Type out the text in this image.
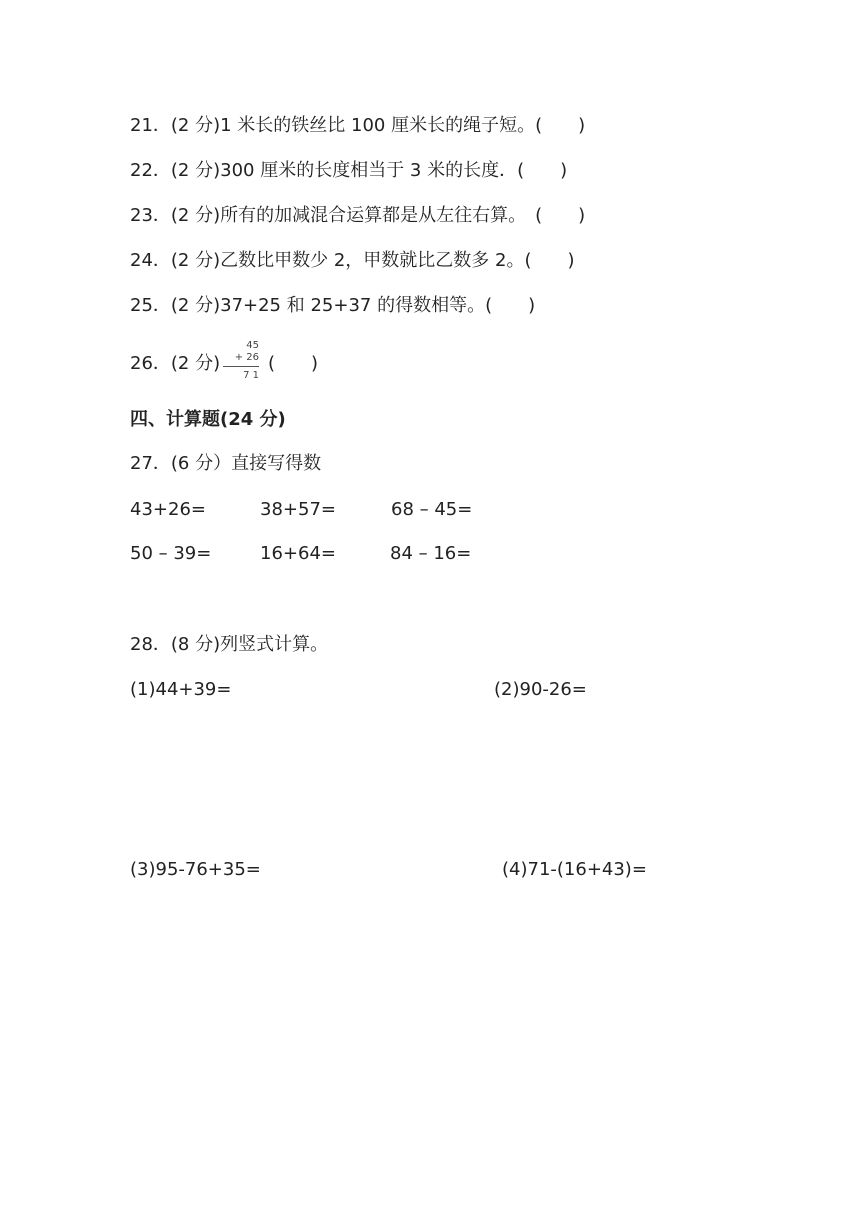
21．(2 分)1 米长的铁丝比 100 厘米长的绳子短。(　　)
22．(2 分)300 厘米的长度相当于 3 米的长度．(　　)
23．(2 分)所有的加减混合运算都是从左往右算。　(　　)
24．(2 分)乙数比甲数少 2，甲数就比乙数多 2。(　　)
25．(2 分)37+25 和 25+37 的得数相等。(　　)
26．(2 分)
45
+ 26
7 1
(　　)
四、计算题(24 分)
27．(6 分）直接写得数
43+26=	38+57=	68 – 45=
50 – 39=	16+64=	84 – 16=
28．(8 分)列竖式计算。
(1)44+39=	(2)90-26=
(3)95-76+35=	(4)71-(16+43)=
